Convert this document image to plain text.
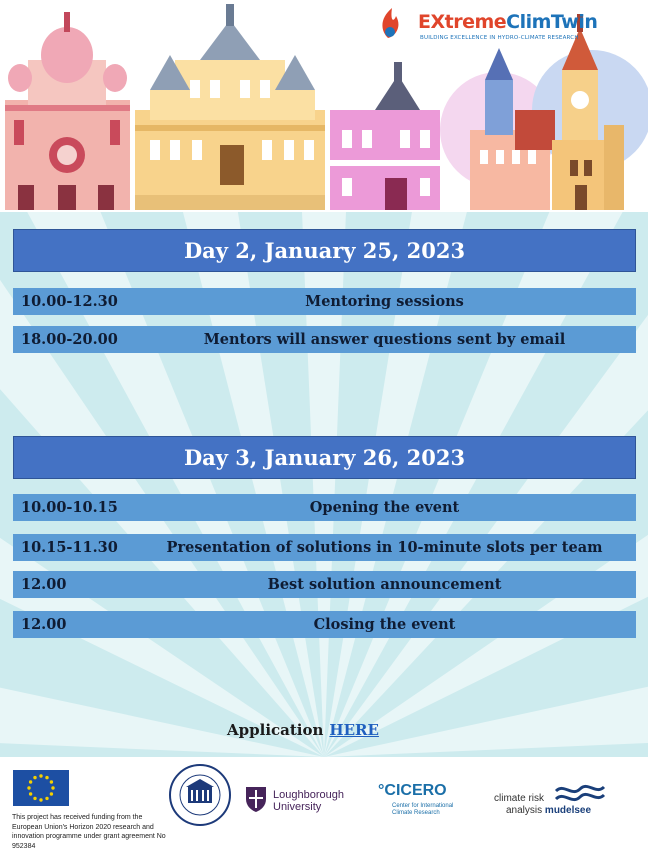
EXtremeClimTwin
BUILDING EXCELLENCE IN HYDRO-CLIMATE RESEARCH
Day 2, January 25, 2023
10.00-12.30	Mentoring sessions
18.00-20.00	Mentors will answer questions sent by email
Day 3, January 26, 2023
10.00-10.15	Opening the event
10.15-11.30	Presentation of solutions in 10-minute slots per team
12.00	Best solution announcement
12.00	Closing the event
Application HERE
This project has received funding from the European Union's Horizon 2020 research and innovation programme under grant agreement No 952384
Loughborough
University
°CICERO
Center for International
Climate Research
climate risk
analysis mudelsee
